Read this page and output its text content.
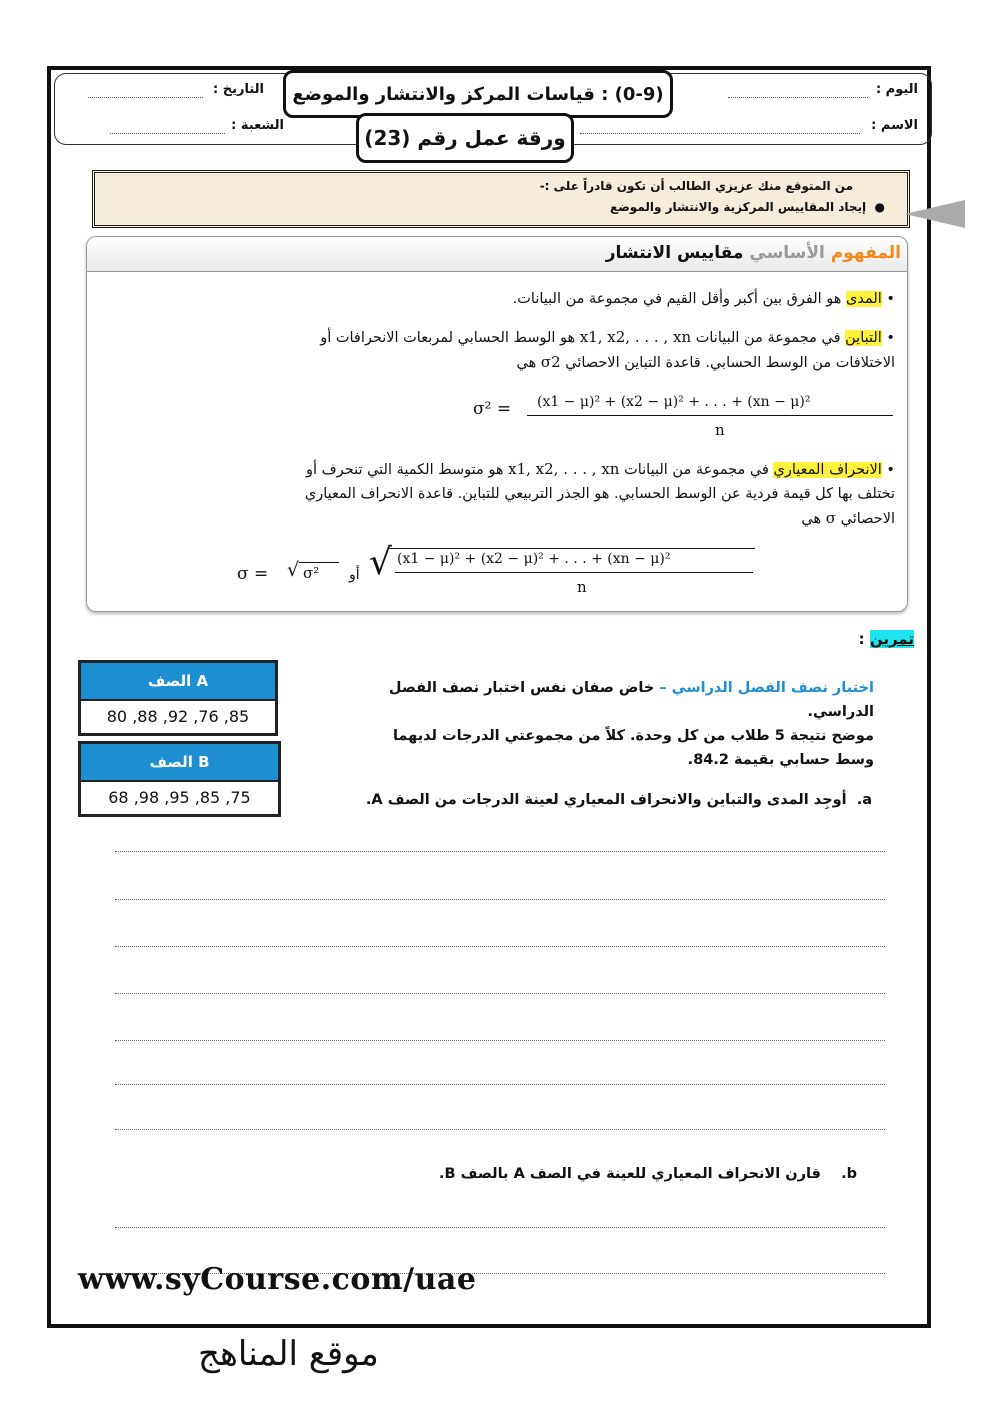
اليوم :
الاسم :
التاريخ :
الشعبة :
(0-9) : قياسات المركز والانتشار والموضع
ورقة عمل رقم (23)
من المتوقع منك عزيزي الطالب أن تكون قادراً على :-
●  إيجاد المقاييس المركزية والانتشار والموضع
المفهوم الأساسي مقاييس الانتشار
• المدى هو الفرق بين أكبر وأقل القيم في مجموعة من البيانات.
• التباين في مجموعة من البيانات x1, x2, . . . , xn هو الوسط الحسابي لمربعات الانحرافات أو
الاختلافات من الوسط الحسابي. قاعدة التباين الاحصائي σ2 هي
σ² = (x1 − μ)² + (x2 − μ)² + . . . + (xn − μ)²
n
• الانحراف المعياري في مجموعة من البيانات x1, x2, . . . , xn هو متوسط الكمية التي تنحرف أو
تختلف بها كل قيمة فردية عن الوسط الحسابي. هو الجذر التربيعي للتباين. قاعدة الانحراف المعياري
الاحصائي σ هي
σ = √ σ² أو √ (x1 − μ)² + (x2 − μ)² + . . . + (xn − μ)²
n
تمرين :
اختبار نصف الفصل الدراسي – خاض صفان نفس اختبار نصف الفصل
الدراسي.
موضح نتيجة 5 طلاب من كل وحدة. كلاً من مجموعتي الدرجات لديهما
وسط حسابي بقيمة 84.2.
a.  أوجِد المدى والتباين والانحراف المعياري لعينة الدرجات من الصف A.
الصف A
80 ,88 ,92 ,76 ,85
الصف B
68 ,98 ,95 ,85 ,75
b.    قارن الانحراف المعياري للعينة في الصف A بالصف B.
www.syCourse.com/uae
موقع المناهج
